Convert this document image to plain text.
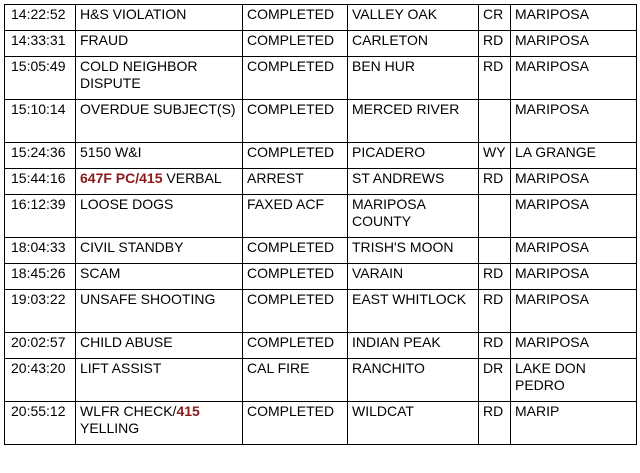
14:22:52	H&S VIOLATION	COMPLETED	VALLEY OAK	CR	MARIPOSA
14:33:31	FRAUD	COMPLETED	CARLETON	RD	MARIPOSA
15:05:49	COLD NEIGHBOR DISPUTE	COMPLETED	BEN HUR	RD	MARIPOSA
15:10:14	OVERDUE SUBJECT(S)	COMPLETED	MERCED RIVER		MARIPOSA
15:24:36	5150 W&I	COMPLETED	PICADERO	WY	LA GRANGE
15:44:16	647F PC/415 VERBAL	ARREST	ST ANDREWS	RD	MARIPOSA
16:12:39	LOOSE DOGS	FAXED ACF	MARIPOSA COUNTY		MARIPOSA
18:04:33	CIVIL STANDBY	COMPLETED	TRISH'S MOON		MARIPOSA
18:45:26	SCAM	COMPLETED	VARAIN	RD	MARIPOSA
19:03:22	UNSAFE SHOOTING	COMPLETED	EAST WHITLOCK	RD	MARIPOSA
20:02:57	CHILD ABUSE	COMPLETED	INDIAN PEAK	RD	MARIPOSA
20:43:20	LIFT ASSIST	CAL FIRE	RANCHITO	DR	LAKE DON PEDRO
20:55:12	WLFR CHECK/415 YELLING	COMPLETED	WILDCAT	RD	MARIP
